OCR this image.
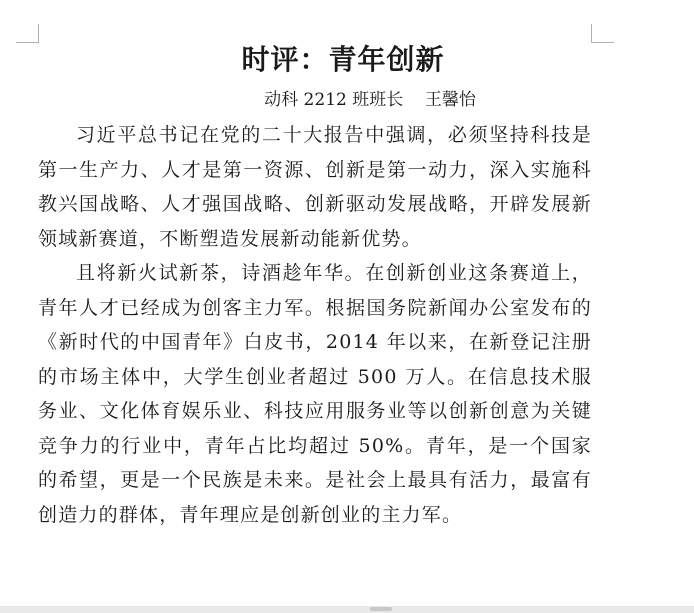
时评：青年创新
动科 2212 班班长    王馨怡

习近平总书记在党的二十大报告中强调，必须坚持科技是第一生产力、人才是第一资源、创新是第一动力，深入实施科教兴国战略、人才强国战略、创新驱动发展战略，开辟发展新领域新赛道，不断塑造发展新动能新优势。

且将新火试新茶，诗酒趁年华。在创新创业这条赛道上，青年人才已经成为创客主力军。根据国务院新闻办公室发布的《新时代的中国青年》白皮书，2014 年以来，在新登记注册的市场主体中，大学生创业者超过 500 万人。在信息技术服务业、文化体育娱乐业、科技应用服务业等以创新创意为关键竞争力的行业中，青年占比均超过 50%。青年，是一个国家的希望，更是一个民族是未来。是社会上最具有活力，最富有创造力的群体，青年理应是创新创业的主力军。
